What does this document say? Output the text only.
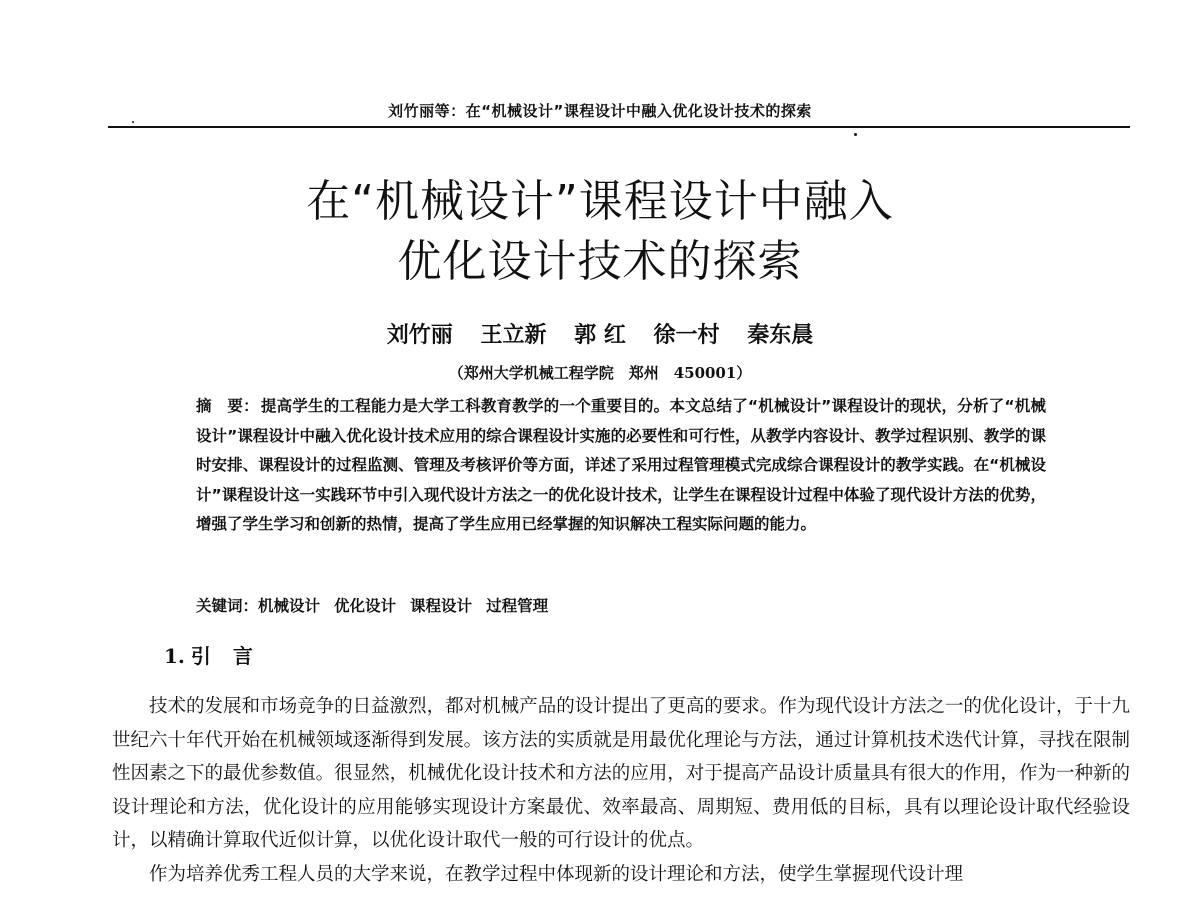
刘竹丽等：在“机械设计”课程设计中融入优化设计技术的探索
在“机械设计”课程设计中融入
优化设计技术的探索
刘竹丽 王立新 郭 红 徐一村 秦东晨
（郑州大学机械工程学院　郑州　450001）
摘　要： 提高学生的工程能力是大学工科教育教学的一个重要目的。本文总结了“机械设计”课程设计的现状，分析了“机械设计”课程设计中融入优化设计技术应用的综合课程设计实施的必要性和可行性，从教学内容设计、教学过程识别、教学的课时安排、课程设计的过程监测、管理及考核评价等方面，详述了采用过程管理模式完成综合课程设计的教学实践。在“机械设计”课程设计这一实践环节中引入现代设计方法之一的优化设计技术，让学生在课程设计过程中体验了现代设计方法的优势，增强了学生学习和创新的热情，提高了学生应用已经掌握的知识解决工程实际问题的能力。
关键词：机械设计 优化设计 课程设计 过程管理
1. 引言

技术的发展和市场竞争的日益激烈，都对机械产品的设计提出了更高的要求。作为现代设计方法之一的优化设计，于十九世纪六十年代开始在机械领域逐渐得到发展。该方法的实质就是用最优化理论与方法，通过计算机技术迭代计算，寻找在限制性因素之下的最优参数值。很显然，机械优化设计技术和方法的应用，对于提高产品设计质量具有很大的作用，作为一种新的设计理论和方法，优化设计的应用能够实现设计方案最优、效率最高、周期短、费用低的目标，具有以理论设计取代经验设计，以精确计算取代近似计算，以优化设计取代一般的可行设计的优点。

作为培养优秀工程人员的大学来说，在教学过程中体现新的设计理论和方法，使学生掌握现代设计理
